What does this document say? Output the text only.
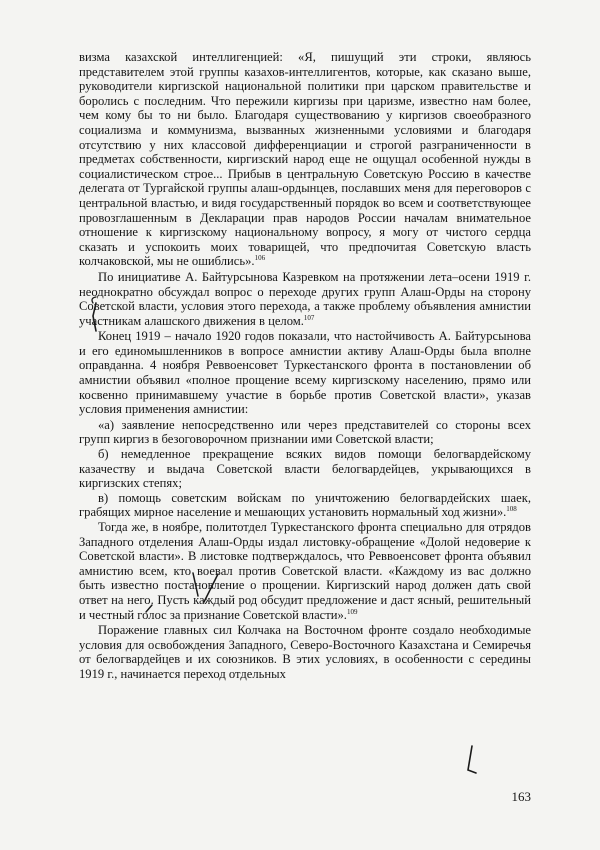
визма казахской интеллигенцией: «Я, пишущий эти строки, являюсь представителем этой группы казахов-интеллигентов, которые, как сказано выше, руководители киргизской национальной политики при царском правительстве и боролись с последним. Что пережили киргизы при царизме, известно нам более, чем кому бы то ни было. Благодаря существованию у киргизов своеобразного социализма и коммунизма, вызванных жизненными условиями и благодаря отсутствию у них классовой дифференциации и строгой разграниченности в предметах собственности, киргизский народ еще не ощущал особенной нужды в социалистическом строе... Прибыв в центральную Советскую Россию в качестве делегата от Тургайской группы алаш-ордынцев, пославших меня для переговоров с центральной властью, и видя государственный порядок во всем и соответствующее провозглашенным в Декларации прав народов России началам внимательное отношение к киргизскому национальному вопросу, я могу от чистого сердца сказать и успокоить моих товарищей, что предпочитая Советскую власть колчаковской, мы не ошиблись».$^{106}$

По инициативе А. Байтурсынова Казревком на протяжении лета–осени 1919 г. неоднократно обсуждал вопрос о переходе других групп Алаш-Орды на сторону Советской власти, условия этого перехода, а также проблему объявления амнистии участникам алашского движения в целом.$^{107}$

Конец 1919 – начало 1920 годов показали, что настойчивость А. Байтурсынова и его единомышленников в вопросе амнистии активу Алаш-Орды была вполне оправданна. 4 ноября Реввоенсовет Туркестанского фронта в постановлении об амнистии объявил «полное прощение всему киргизскому населению, прямо или косвенно принимавшему участие в борьбе против Советской власти», указав условия применения амнистии:

«а) заявление непосредственно или через представителей со стороны всех групп киргиз в безоговорочном признании ими Советской власти;

б) немедленное прекращение всяких видов помощи белогвардейскому казачеству и выдача Советской власти белогвардейцев, укрывающихся в киргизских степях;

в) помощь советским войскам по уничтожению белогвардейских шаек, грабящих мирное население и мешающих установить нормальный ход жизни».$^{108}$

Тогда же, в ноябре, политотдел Туркестанского фронта специально для отрядов Западного отделения Алаш-Орды издал листовку-обращение «Долой недоверие к Советской власти». В листовке подтверждалось, что Реввоенсовет фронта объявил амнистию всем, кто воевал против Советской власти. «Каждому из вас должно быть известно постановление о прощении. Киргизский народ должен дать свой ответ на него. Пусть каждый род обсудит предложение и даст ясный, решительный и честный голос за признание Советской власти».$^{109}$

Поражение главных сил Колчака на Восточном фронте создало необходимые условия для освобождения Западного, Северо-Восточного Казахстана и Семиречья от белогвардейцев и их союзников. В этих условиях, в особенности с середины 1919 г., начинается переход отдельных

163
